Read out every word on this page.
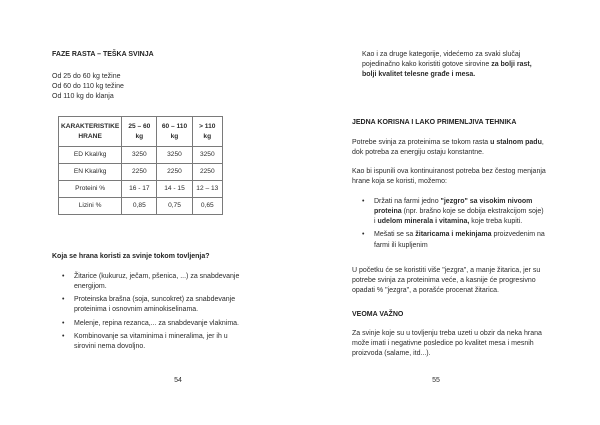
FAZE RASTA – TEŠKA SVINJA
Od 25 do 60 kg težine
Od 60 do 110 kg težine
Od 110 kg do klanja
KARAKTERISTIKE HRANE	25 – 60 kg	60 – 110 kg	> 110 kg
ED Kkal/kg	3250	3250	3250
EN Kkal/kg	2250	2250	2250
Proteini %	16 - 17	14 - 15	12 – 13
Lizini %	0,85	0,75	0,65
Koja se hrana koristi za svinje tokom tovljenja?
• Žitarice (kukuruz, ječam, pšenica, ...) za snabdevanje
energijom.
• Proteinska brašna (soja, suncokret) za snabdevanje
proteinima i osnovnim aminokiselinama.
• Melenje, repina rezanca,... za snabdevanje vlaknima.
• Kombinovanje sa vitaminima i mineralima, jer ih u
sirovini nema dovoljno.
54
Kao i za druge kategorije, videćemo za svaki slučaj
pojedinačno kako koristiti gotove sirovine za bolji rast,
bolji kvalitet telesne građe i mesa.
JEDNA KORISNA I LAKO PRIMENLJIVA TEHNIKA
Potrebe svinja za proteinima se tokom rasta u stalnom padu,
dok potreba za energiju ostaju konstantne.
Kao bi ispunili ova kontinuiranost potreba bez čestog menjanja
hrane koja se koristi, možemo:
• Držati na farmi jedno "jezgro" sa visokim nivoom
proteina (npr. brašno koje se dobija ekstrakcijom soje)
i udelom minerala i vitamina, koje treba kupiti.
• Mešati se sa žitaricama i mekinjama proizvedenim na
farmi ili kupljenim
U početku će se koristiti više "jezgra", a manje žitarica, jer su
potrebe svinja za proteinima veće, a kasnije će progresivno
opadati % "jezgra", a porašće procenat žitarica.
VEOMA VAŽNO
Za svinje koje su u tovljenju treba uzeti u obzir da neka hrana
može imati i negativne posledice po kvalitet mesa i mesnih
proizvoda (salame, itd...).
55
